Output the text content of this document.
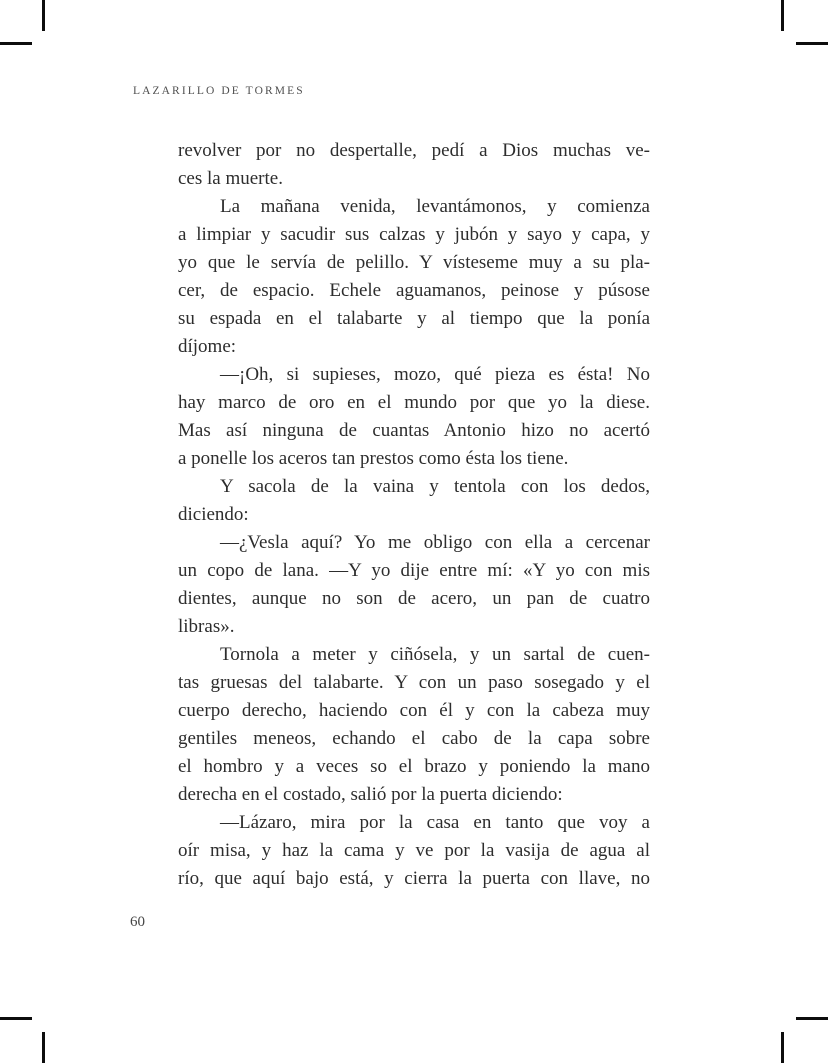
LAZARILLO DE TORMES
revolver por no despertalle, pedí a Dios muchas ve-
ces la muerte.
La mañana venida, levantámonos, y comienza
a limpiar y sacudir sus calzas y jubón y sayo y capa, y
yo que le servía de pelillo. Y vísteseme muy a su pla-
cer, de espacio. Echele aguamanos, peinose y púsose
su espada en el talabarte y al tiempo que la ponía
díjome:
—¡Oh, si supieses, mozo, qué pieza es ésta! No
hay marco de oro en el mundo por que yo la diese.
Mas así ninguna de cuantas Antonio hizo no acertó
a ponelle los aceros tan prestos como ésta los tiene.
Y sacola de la vaina y tentola con los dedos,
diciendo:
—¿Vesla aquí? Yo me obligo con ella a cercenar
un copo de lana. —Y yo dije entre mí: «Y yo con mis
dientes, aunque no son de acero, un pan de cuatro
libras».
Tornola a meter y ciñósela, y un sartal de cuen-
tas gruesas del talabarte. Y con un paso sosegado y el
cuerpo derecho, haciendo con él y con la cabeza muy
gentiles meneos, echando el cabo de la capa sobre
el hombro y a veces so el brazo y poniendo la mano
derecha en el costado, salió por la puerta diciendo:
—Lázaro, mira por la casa en tanto que voy a
oír misa, y haz la cama y ve por la vasija de agua al
río, que aquí bajo está, y cierra la puerta con llave, no
60
